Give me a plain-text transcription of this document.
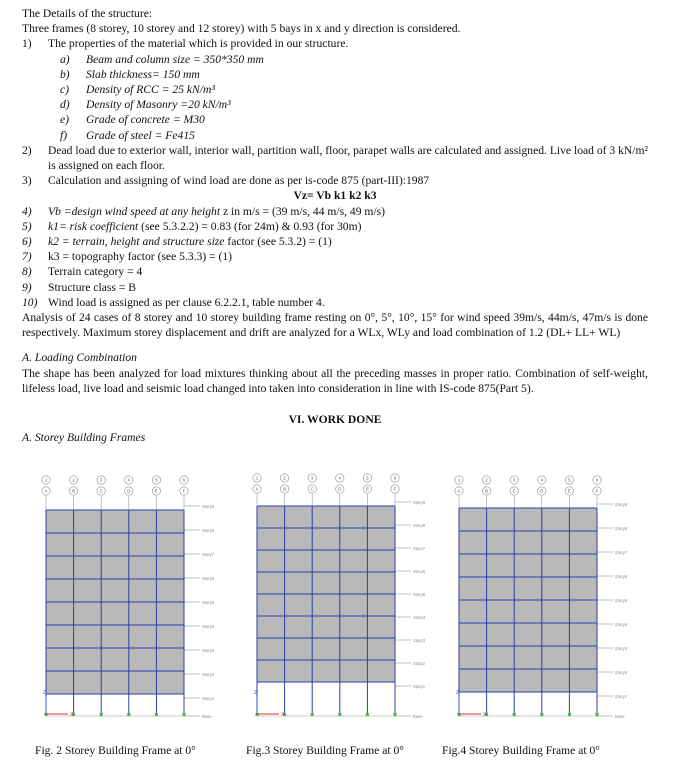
The Details of the structure:
Three frames (8 storey, 10 storey and 12 storey) with 5 bays in x and y direction is considered.
1)	The properties of the material which is provided in our structure.
a)	Beam and column size = 350*350 mm
b)	Slab thickness= 150 mm
c)	Density of RCC = 25 kN/m³
d)	Density of Masonry =20 kN/m³
e)	Grade of concrete = M30
f)	Grade of steel = Fe415
2)	Dead load due to exterior wall, interior wall, partition wall, floor, parapet walls are calculated and assigned. Live load of 3 kN/m² is assigned on each floor.
3)	Calculation and assigning of wind load are done as per is-code 875 (part-III):1987
Vz= Vb k1 k2 k3
4)	Vb =design wind speed at any height z in m/s = (39 m/s, 44 m/s, 49 m/s)
5)	k1= risk coefficient (see 5.3.2.2) = 0.83 (for 24m) & 0.93 (for 30m)
6)	k2 = terrain, height and structure size factor (see 5.3.2) = (1)
7)	k3 = topography factor (see 5.3.3) = (1)
8)	Terrain category = 4
9)	Structure class = B
10) Wind load is assigned as per clause 6.2.2.1, table number 4.
Analysis of 24 cases of 8 storey and 10 storey building frame resting on 0°, 5°, 10°, 15° for wind speed 39m/s, 44m/s, 47m/s is done respectively. Maximum storey displacement and drift are analyzed for a WLx, WLy and load combination of 1.2 (DL+ LL+ WL)
A. Loading Combination
The shape has been analyzed for load mixtures thinking about all the preceding masses in proper ratio. Combination of self-weight, lifeless load, live load and seismic load changed into taken into consideration in line with IS-code 875(Part 5).
VI. WORK DONE
A. Storey Building Frames
Story9
Story8
Story7
Story6
Story5
Story4
Story3
Story2
Story1
Base
1
A
2
B
3
C
4
D
5
E
6
F
Z
X
Story9
Story8
Story7
Story6
Story5
Story4
Story3
Story2
Story1
Base
1
A
2
B
3
C
4
D
5
E
6
F
Z
X
Story9
Story8
Story7
Story6
Story5
Story4
Story3
Story2
Story1
Base
1
A
2
B
3
C
4
D
5
E
6
F
Z
X
Fig. 2 Storey Building Frame at 0°	Fig.3 Storey Building Frame at 0°	Fig.4 Storey Building Frame at 0°
